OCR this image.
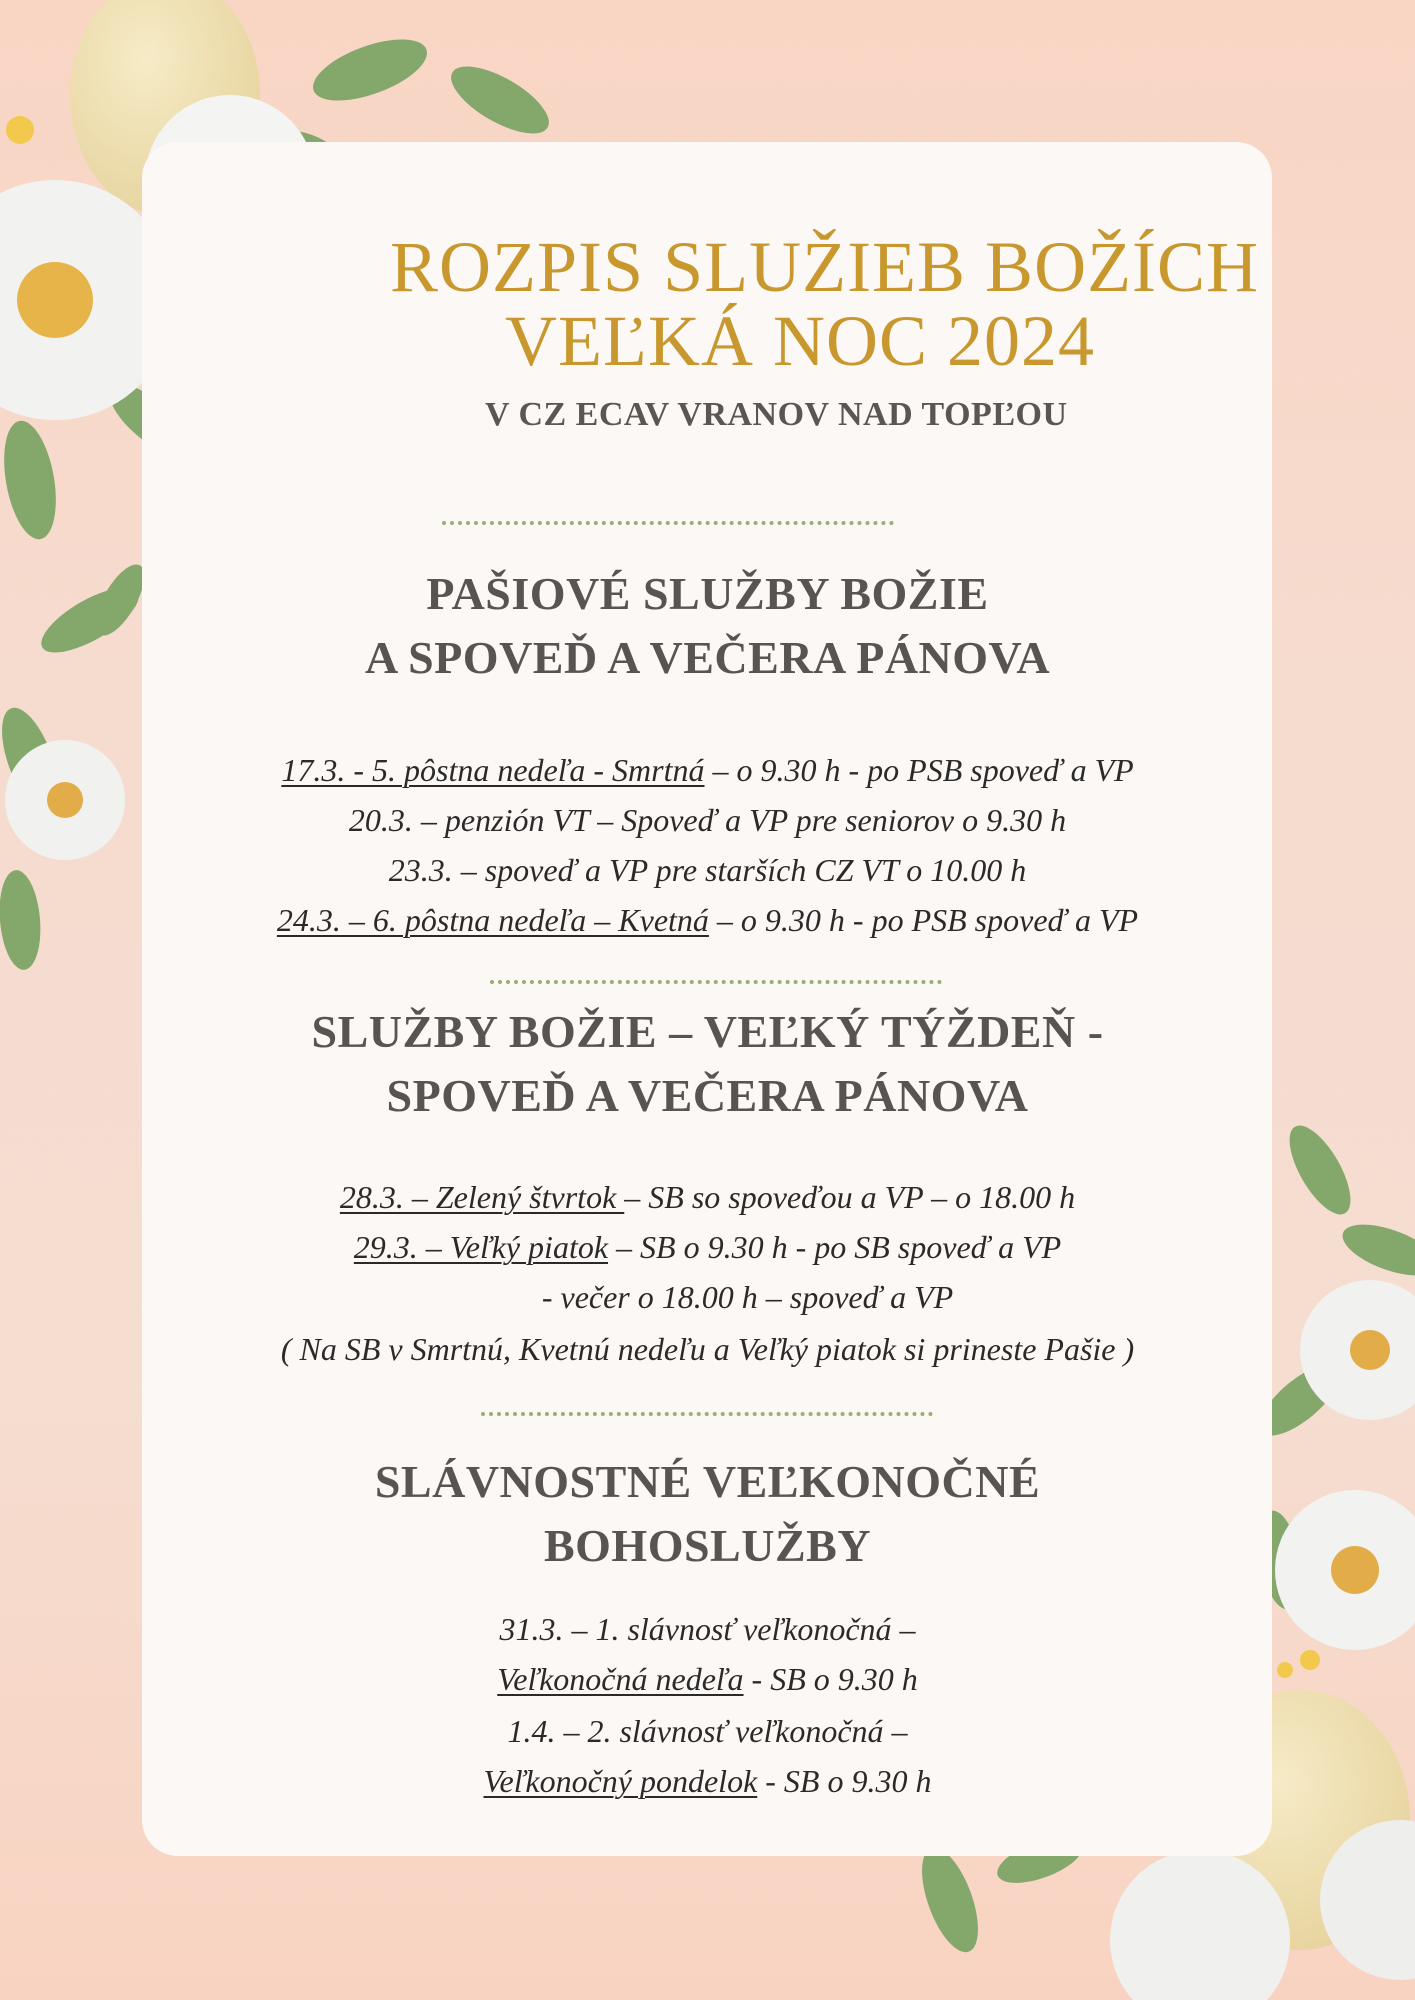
ROZPIS SLUŽIEB BOŽÍCH
VEĽKÁ NOC 2024

V CZ ECAV VRANOV NAD TOPĽOU

PAŠIOVÉ SLUŽBY BOŽIE
A SPOVEĎ A VEČERA PÁNOVA

17.3. - 5. pôstna nedeľa - Smrtná – o 9.30 h - po PSB spoveď a VP

20.3. – penzión VT – Spoveď a VP pre seniorov o 9.30 h

23.3. – spoveď a VP pre starších CZ VT o 10.00 h

24.3. – 6. pôstna nedeľa – Kvetná – o 9.30 h - po PSB spoveď a VP

SLUŽBY BOŽIE – VEĽKÝ TÝŽDEŇ -
SPOVEĎ A VEČERA PÁNOVA

28.3. – Zelený štvrtok – SB so spoveďou a VP – o 18.00 h

29.3. – Veľký piatok – SB o 9.30 h - po SB spoveď a VP

- večer o 18.00 h – spoveď a VP

( Na SB v Smrtnú, Kvetnú nedeľu a Veľký piatok si prineste Pašie )

SLÁVNOSTNÉ VEĽKONOČNÉ
BOHOSLUŽBY

31.3. – 1. slávnosť veľkonočná –

Veľkonočná nedeľa - SB o 9.30 h

1.4. – 2. slávnosť veľkonočná –

Veľkonočný pondelok - SB o 9.30 h
